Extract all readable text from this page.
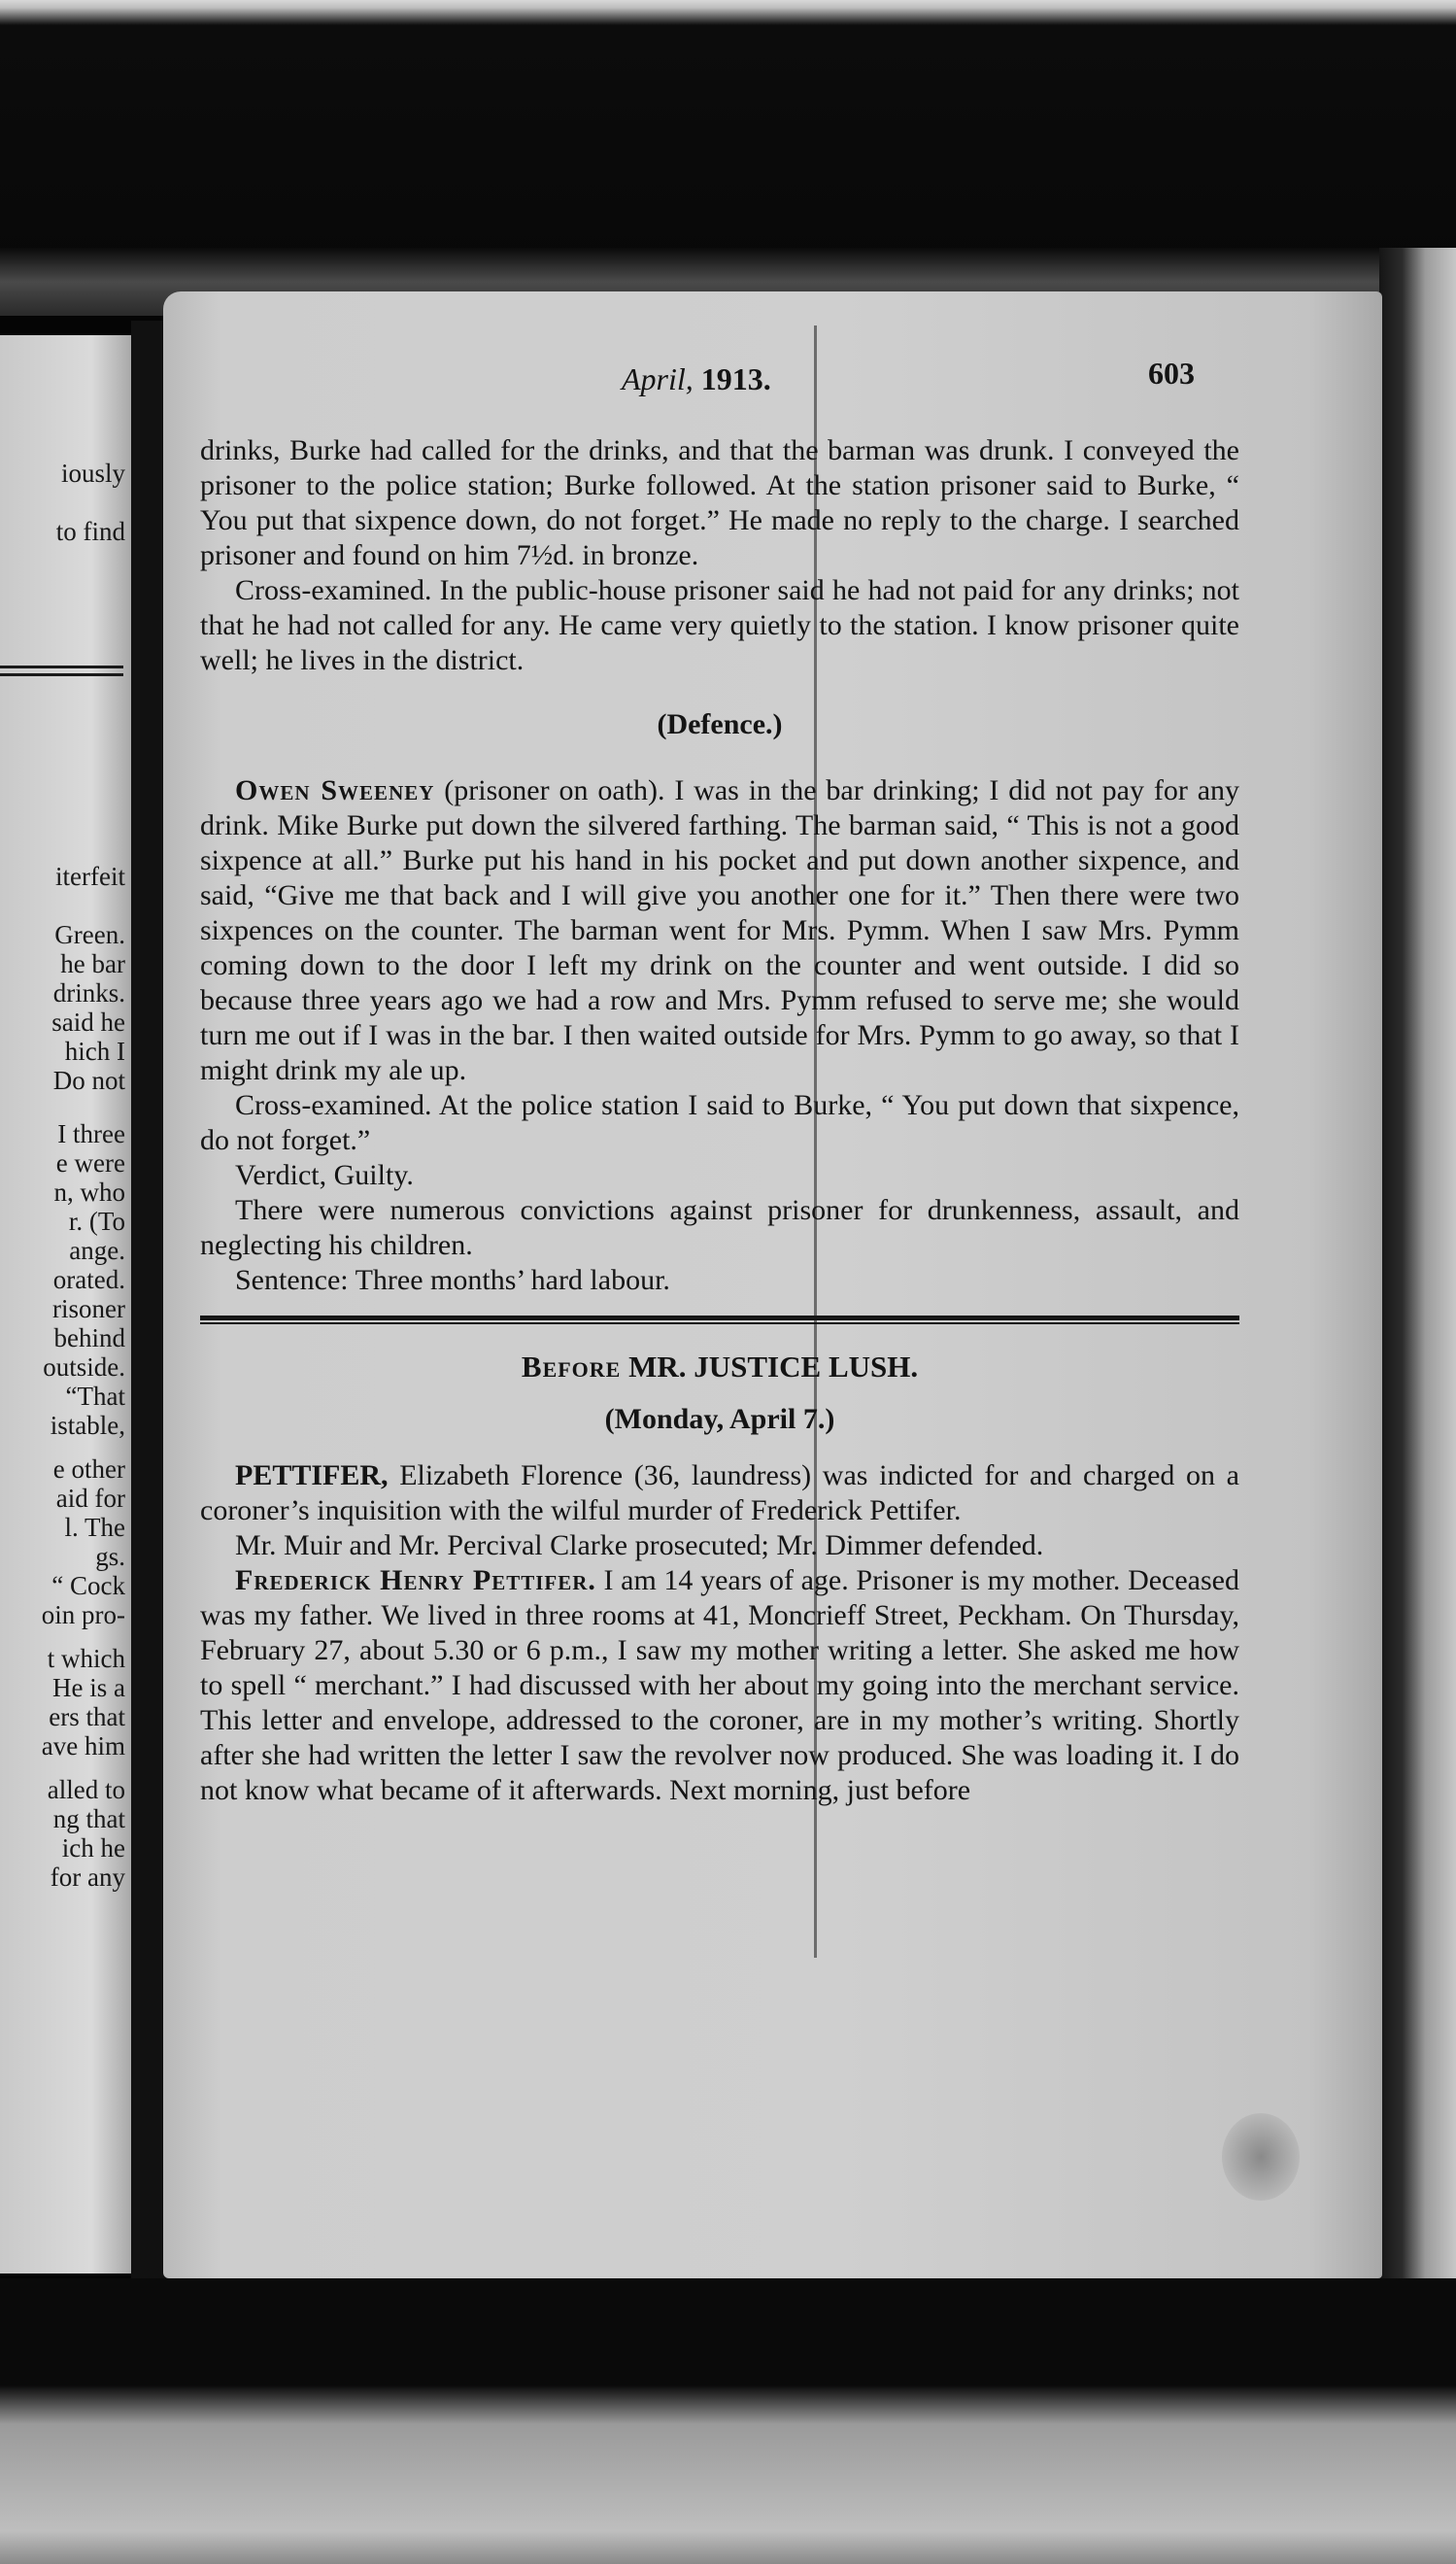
iously
to find
iterfeit
Green.
he bar
drinks.
said he
hich I
Do not
I three
e were
n, who
r. (To
ange.
orated.
risoner
behind
outside.
“That
istable,
e other
aid for
l. The
gs.
“ Cock
oin pro-
t which
He is a
ers that
ave him
alled to
ng that
ich he
for any
April, 1913.	603

drinks, Burke had called for the drinks, and that the barman was drunk. I conveyed the prisoner to the police station; Burke followed. At the station prisoner said to Burke, “ You put that sixpence down, do not forget.” He made no reply to the charge. I searched prisoner and found on him 7½d. in bronze.

Cross-examined. In the public-house prisoner said he had not paid for any drinks; not that he had not called for any. He came very quietly to the station. I know prisoner quite well; he lives in the district.

(Defence.)

Owen Sweeney (prisoner on oath). I was in the bar drinking; I did not pay for any drink. Mike Burke put down the silvered farthing. The barman said, “ This is not a good sixpence at all.” Burke put his hand in his pocket and put down another sixpence, and said, “Give me that back and I will give you another one for it.” Then there were two sixpences on the counter. The barman went for Mrs. Pymm. When I saw Mrs. Pymm coming down to the door I left my drink on the counter and went outside. I did so because three years ago we had a row and Mrs. Pymm refused to serve me; she would turn me out if I was in the bar. I then waited outside for Mrs. Pymm to go away, so that I might drink my ale up.

Cross-examined. At the police station I said to Burke, “ You put down that sixpence, do not forget.”

Verdict, Guilty.

There were numerous convictions against prisoner for drunkenness, assault, and neglecting his children.

Sentence: Three months’ hard labour.

Before MR. JUSTICE LUSH.

(Monday, April 7.)

PETTIFER, Elizabeth Florence (36, laundress) was indicted for and charged on a coroner’s inquisition with the wilful murder of Frederick Pettifer.

Mr. Muir and Mr. Percival Clarke prosecuted; Mr. Dimmer defended.

Frederick Henry Pettifer. I am 14 years of age. Prisoner is my mother. Deceased was my father. We lived in three rooms at 41, Moncrieff Street, Peckham. On Thursday, February 27, about 5.30 or 6 p.m., I saw my mother writing a letter. She asked me how to spell “ merchant.” I had discussed with her about my going into the merchant service. This letter and envelope, addressed to the coroner, are in my mother’s writing. Shortly after she had written the letter I saw the revolver now produced. She was loading it. I do not know what became of it afterwards. Next morning, just before
